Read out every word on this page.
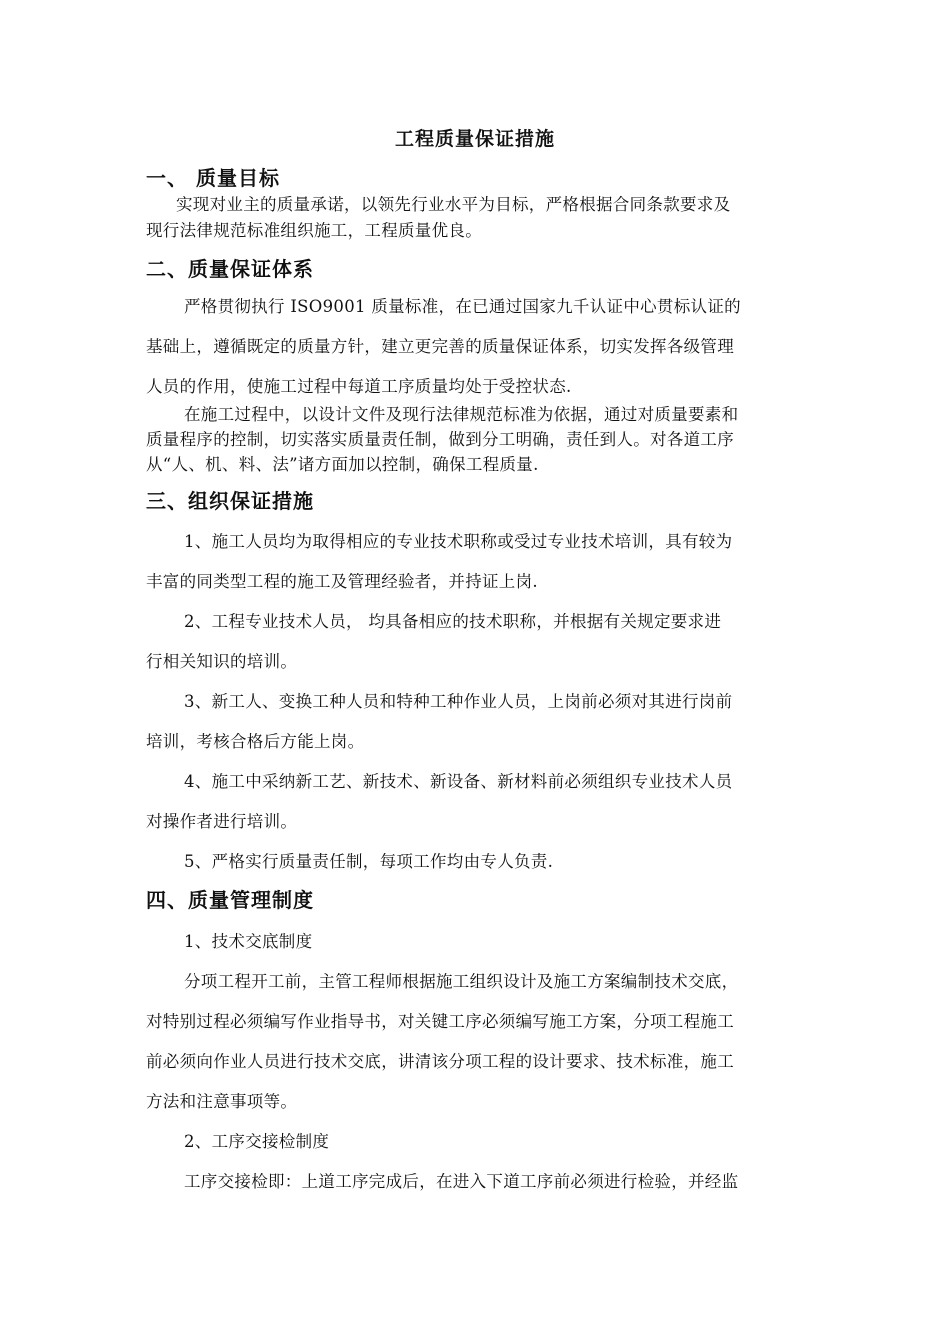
工程质量保证措施
一、 质量目标
实现对业主的质量承诺，以领先行业水平为目标，严格根据合同条款要求及
现行法律规范标准组织施工，工程质量优良。
二、质量保证体系
严格贯彻执行 ISO9001 质量标准，在已通过国家九千认证中心贯标认证的
基础上，遵循既定的质量方针，建立更完善的质量保证体系，切实发挥各级管理
人员的作用，使施工过程中每道工序质量均处于受控状态.
在施工过程中，以设计文件及现行法律规范标准为依据，通过对质量要素和
质量程序的控制，切实落实质量责任制，做到分工明确，责任到人。对各道工序
从“人、机、料、法”诸方面加以控制，确保工程质量.
三、组织保证措施
1、施工人员均为取得相应的专业技术职称或受过专业技术培训，具有较为
丰富的同类型工程的施工及管理经验者，并持证上岗.
2、工程专业技术人员， 均具备相应的技术职称，并根据有关规定要求进
行相关知识的培训。
3、新工人、变换工种人员和特种工种作业人员，上岗前必须对其进行岗前
培训，考核合格后方能上岗。
4、施工中采纳新工艺、新技术、新设备、新材料前必须组织专业技术人员
对操作者进行培训。
5、严格实行质量责任制，每项工作均由专人负责.
四、质量管理制度
1、技术交底制度
分项工程开工前，主管工程师根据施工组织设计及施工方案编制技术交底，
对特别过程必须编写作业指导书，对关键工序必须编写施工方案，分项工程施工
前必须向作业人员进行技术交底，讲清该分项工程的设计要求、技术标准，施工
方法和注意事项等。
2、工序交接检制度
工序交接检即：上道工序完成后，在进入下道工序前必须进行检验，并经监
